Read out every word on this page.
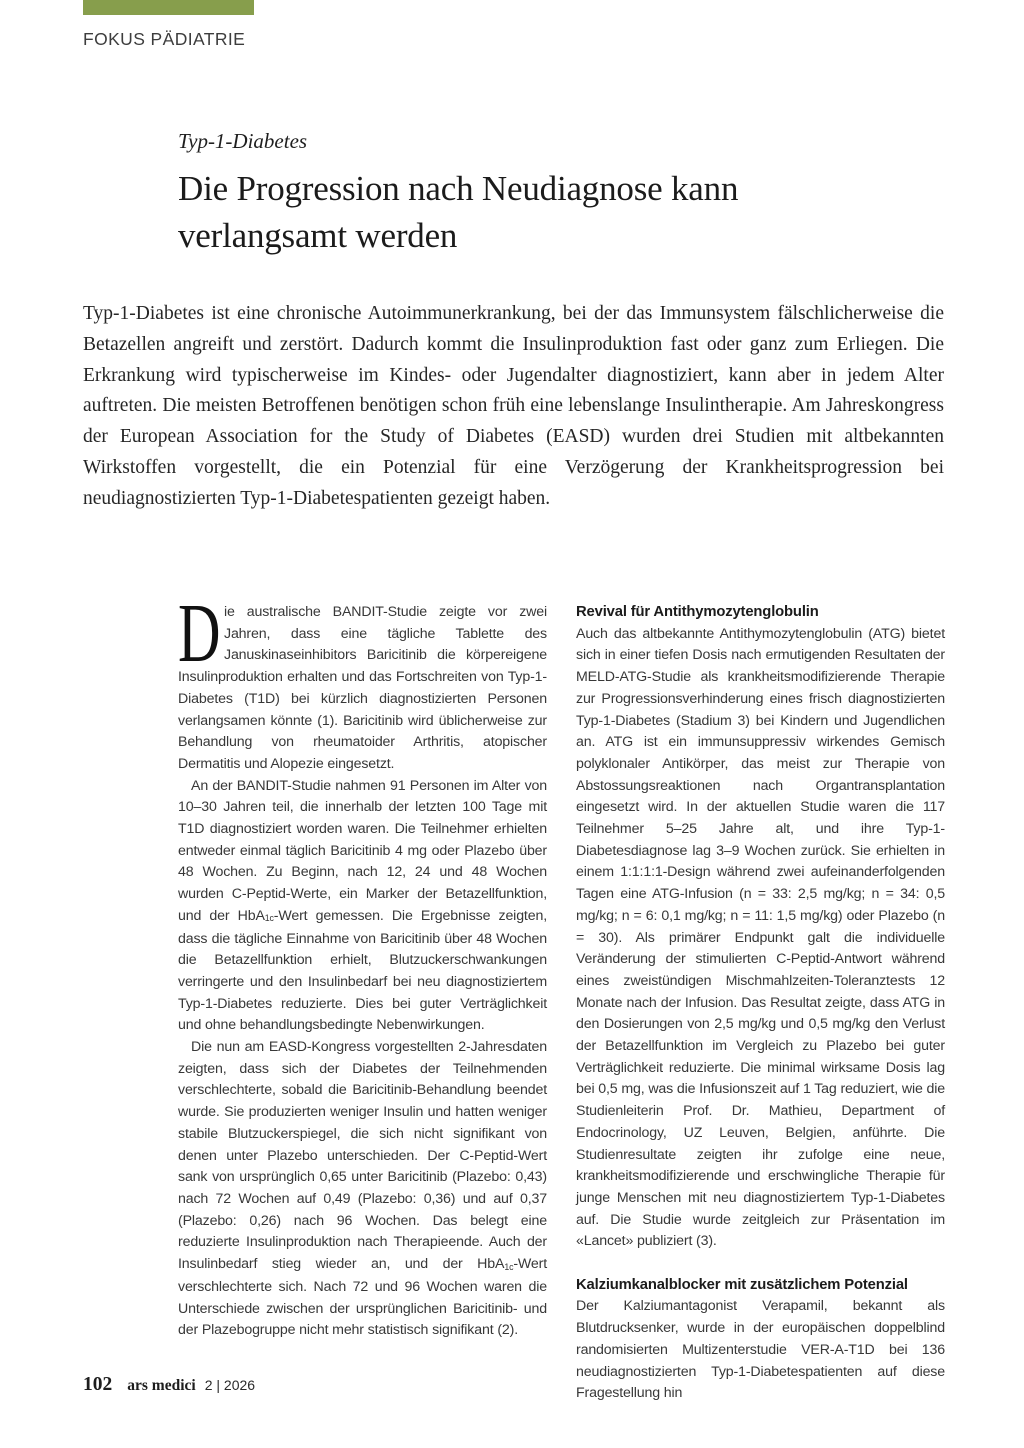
FOKUS PÄDIATRIE
Typ-1-Diabetes
Die Progression nach Neudiagnose kann
verlangsamt werden
Typ-1-Diabetes ist eine chronische Autoimmunerkrankung, bei der das Immunsystem fälschlicherweise die Betazellen angreift und zerstört. Dadurch kommt die Insulinproduktion fast oder ganz zum Erliegen. Die Erkrankung wird typischerweise im Kindes- oder Jugendalter diagnostiziert, kann aber in jedem Alter auftreten. Die meisten Betroffenen benötigen schon früh eine lebenslange Insulintherapie. Am Jahreskongress der European Association for the Study of Diabetes (EASD) wurden drei Studien mit altbekannten Wirkstoffen vorgestellt, die ein Potenzial für eine Verzögerung der Krankheitsprogression bei neudiagnostizierten Typ-1-Diabetespatienten gezeigt haben.

Die australische BANDIT-Studie zeigte vor zwei Jahren, dass eine tägliche Tablette des Januskinaseinhibitors Baricitinib die körpereigene Insulinproduktion erhalten und das Fortschreiten von Typ-1-Diabetes (T1D) bei kürzlich diagnostizierten Personen verlangsamen könnte (1). Baricitinib wird üblicherweise zur Behandlung von rheumatoider Arthritis, atopischer Dermatitis und Alopezie eingesetzt.

An der BANDIT-Studie nahmen 91 Personen im Alter von 10–30 Jahren teil, die innerhalb der letzten 100 Tage mit T1D diagnostiziert worden waren. Die Teilnehmer erhielten entweder einmal täglich Baricitinib 4 mg oder Plazebo über 48 Wochen. Zu Beginn, nach 12, 24 und 48 Wochen wurden C-Peptid-Werte, ein Marker der Betazellfunktion, und der HbA$_{1c}$-Wert gemessen. Die Ergebnisse zeigten, dass die tägliche Einnahme von Baricitinib über 48 Wochen die Betazellfunktion erhielt, Blutzuckerschwankungen verringerte und den Insulinbedarf bei neu diagnostiziertem Typ-1-Diabetes reduzierte. Dies bei guter Verträglichkeit und ohne behandlungsbedingte Nebenwirkungen.

Die nun am EASD-Kongress vorgestellten 2-Jahresdaten zeigten, dass sich der Diabetes der Teilnehmenden verschlechterte, sobald die Baricitinib-Behandlung beendet wurde. Sie produzierten weniger Insulin und hatten weniger stabile Blutzuckerspiegel, die sich nicht signifikant von denen unter Plazebo unterschieden. Der C-Peptid-Wert sank von ursprünglich 0,65 unter Baricitinib (Plazebo: 0,43) nach 72 Wochen auf 0,49 (Plazebo: 0,36) und auf 0,37 (Plazebo: 0,26) nach 96 Wochen. Das belegt eine reduzierte Insulinproduktion nach Therapieende. Auch der Insulinbedarf stieg wieder an, und der HbA$_{1c}$-Wert verschlechterte sich. Nach 72 und 96 Wochen waren die Unterschiede zwischen der ursprünglichen Baricitinib- und der Plazebogruppe nicht mehr statistisch signifikant (2).

Revival für Antithymozytenglobulin

Auch das altbekannte Antithymozytenglobulin (ATG) bietet sich in einer tiefen Dosis nach ermutigenden Resultaten der MELD-ATG-Studie als krankheitsmodifizierende Therapie zur Progressionsverhinderung eines frisch diagnostizierten Typ-1-Diabetes (Stadium 3) bei Kindern und Jugendlichen an. ATG ist ein immunsuppressiv wirkendes Gemisch polyklonaler Antikörper, das meist zur Therapie von Abstossungsreaktionen nach Organtransplantation eingesetzt wird. In der aktuellen Studie waren die 117 Teilnehmer 5–25 Jahre alt, und ihre Typ-1-Diabetesdiagnose lag 3–9 Wochen zurück. Sie erhielten in einem 1:1:1:1-Design während zwei aufeinanderfolgenden Tagen eine ATG-Infusion (n = 33: 2,5 mg/kg; n = 34: 0,5 mg/kg; n = 6: 0,1 mg/kg; n = 11: 1,5 mg/kg) oder Plazebo (n = 30). Als primärer Endpunkt galt die individuelle Veränderung der stimulierten C-Peptid-Antwort während eines zweistündigen Mischmahlzeiten-Toleranztests 12 Monate nach der Infusion. Das Resultat zeigte, dass ATG in den Dosierungen von 2,5 mg/kg und 0,5 mg/kg den Verlust der Betazellfunktion im Vergleich zu Plazebo bei guter Verträglichkeit reduzierte. Die minimal wirksame Dosis lag bei 0,5 mg, was die Infusionszeit auf 1 Tag reduziert, wie die Studienleiterin Prof. Dr. Mathieu, Department of Endocrinology, UZ Leuven, Belgien, anführte. Die Studienresultate zeigten ihr zufolge eine neue, krankheitsmodifizierende und erschwingliche Therapie für junge Menschen mit neu diagnostiziertem Typ-1-Diabetes auf. Die Studie wurde zeitgleich zur Präsentation im «Lancet» publiziert (3).

Kalziumkanalblocker mit zusätzlichem Potenzial

Der Kalziumantagonist Verapamil, bekannt als Blutdrucksenker, wurde in der europäischen doppelblind randomisierten Multizenterstudie VER-A-T1D bei 136 neudiagnostizierten Typ-1-Diabetespatienten auf diese Fragestellung hin

102 ars medici 2 | 2026
